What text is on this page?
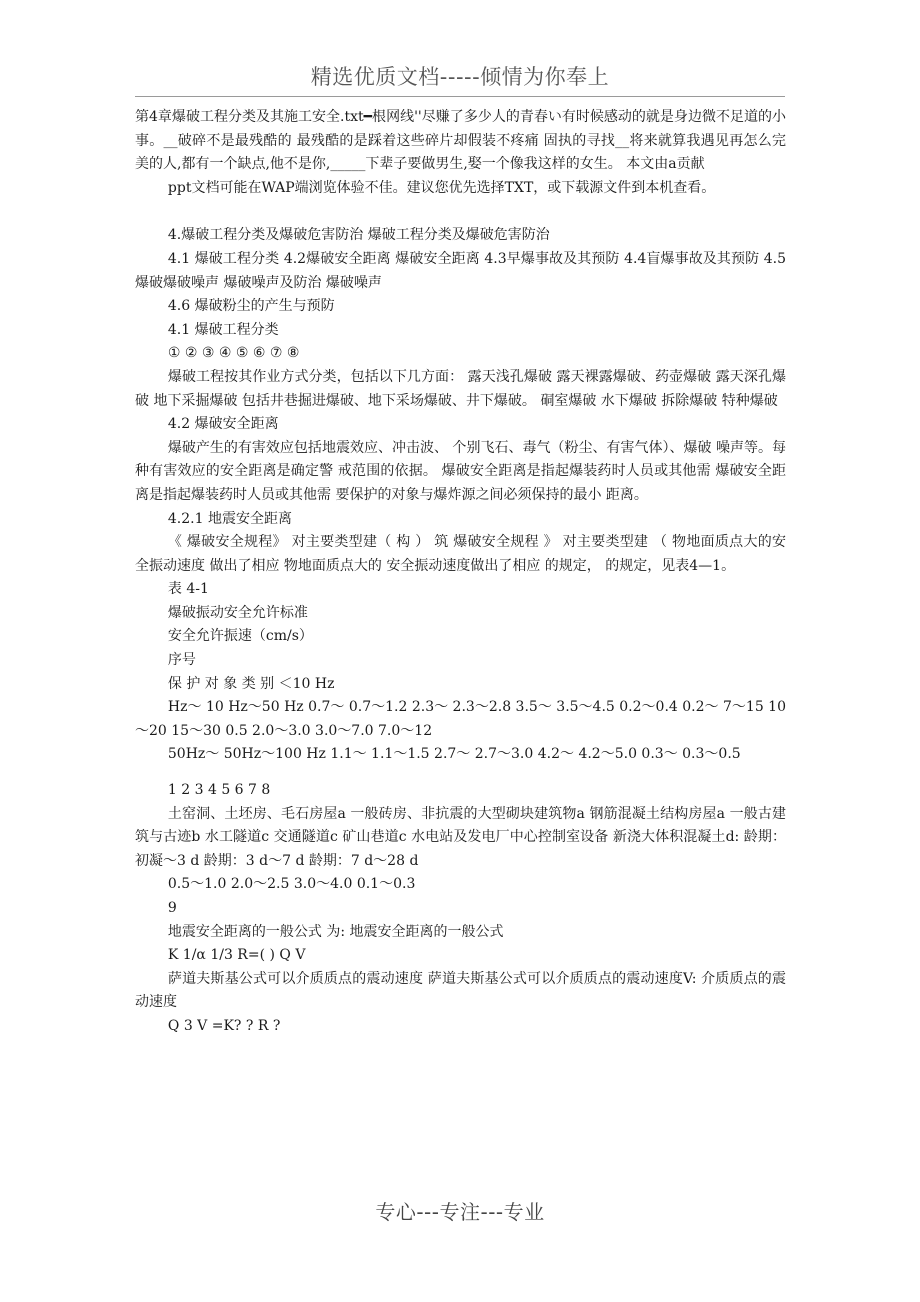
精选优质文档-----倾情为你奉上

第4章爆破工程分类及其施工安全.txt━根网线''尽赚了多少人的青春い有时候感动的就是身边微不足道的小事。__破碎不是最残酷的 最残酷的是踩着这些碎片却假装不疼痛 固执的寻找__将来就算我遇见再怎么完美的人,都有一个缺点,他不是你,_____下辈子要做男生,娶一个像我这样的女生。 本文由a贡献

ppt文档可能在WAP端浏览体验不佳。建议您优先选择TXT，或下载源文件到本机查看。

4.爆破工程分类及爆破危害防治 爆破工程分类及爆破危害防治

4.1 爆破工程分类 4.2爆破安全距离 爆破安全距离 4.3早爆事故及其预防 4.4盲爆事故及其预防 4.5爆破爆破噪声 爆破噪声及防治 爆破噪声

4.6 爆破粉尘的产生与预防

4.1 爆破工程分类

① ② ③ ④ ⑤ ⑥ ⑦ ⑧

爆破工程按其作业方式分类，包括以下几方面： 露天浅孔爆破 露天裸露爆破、药壶爆破 露天深孔爆破 地下采掘爆破 包括井巷掘进爆破、地下采场爆破、井下爆破。 硐室爆破 水下爆破 拆除爆破 特种爆破

4.2 爆破安全距离

爆破产生的有害效应包括地震效应、冲击波、 个别飞石、毒气（粉尘、有害气体）、爆破 噪声等。每种有害效应的安全距离是确定警 戒范围的依据。 爆破安全距离是指起爆装药时人员或其他需 爆破安全距离是指起爆装药时人员或其他需 要保护的对象与爆炸源之间必须保持的最小 距离。

4.2.1 地震安全距离

《 爆破安全规程》 对主要类型建（ 构 ） 筑 爆破安全规程 》 对主要类型建 （ 物地面质点大的安全振动速度 做出了相应 物地面质点大的 安全振动速度做出了相应 的规定， 的规定，见表4—1。

表 4-1

爆破振动安全允许标准

安全允许振速（cm/s）

序号

保 护 对 象 类 别 ＜10 Hz

Hz～ 10 Hz～50 Hz 0.7～ 0.7～1.2 2.3～ 2.3～2.8 3.5～ 3.5～4.5 0.2～0.4 0.2～ 7～15 10～20 15～30 0.5 2.0～3.0 3.0～7.0 7.0～12

50Hz～ 50Hz～100 Hz 1.1～ 1.1～1.5 2.7～ 2.7～3.0 4.2～ 4.2～5.0 0.3～ 0.3～0.5

1 2 3 4 5 6 7 8

土窑洞、土坯房、毛石房屋a 一般砖房、非抗震的大型砌块建筑物a 钢筋混凝土结构房屋a 一般古建筑与古迹b 水工隧道c 交通隧道c 矿山巷道c 水电站及发电厂中心控制室设备 新浇大体积混凝土d: 龄期：初凝～3 d 龄期：3 d～7 d 龄期：7 d～28 d

0.5～1.0 2.0～2.5 3.0～4.0 0.1～0.3

9

地震安全距离的一般公式 为: 地震安全距离的一般公式

K 1/α 1/3 R=( ) Q V

萨道夫斯基公式可以介质质点的震动速度 萨道夫斯基公式可以介质质点的震动速度V: 介质质点的震动速度

Q 3 V =K? ? R ?

专心---专注---专业
